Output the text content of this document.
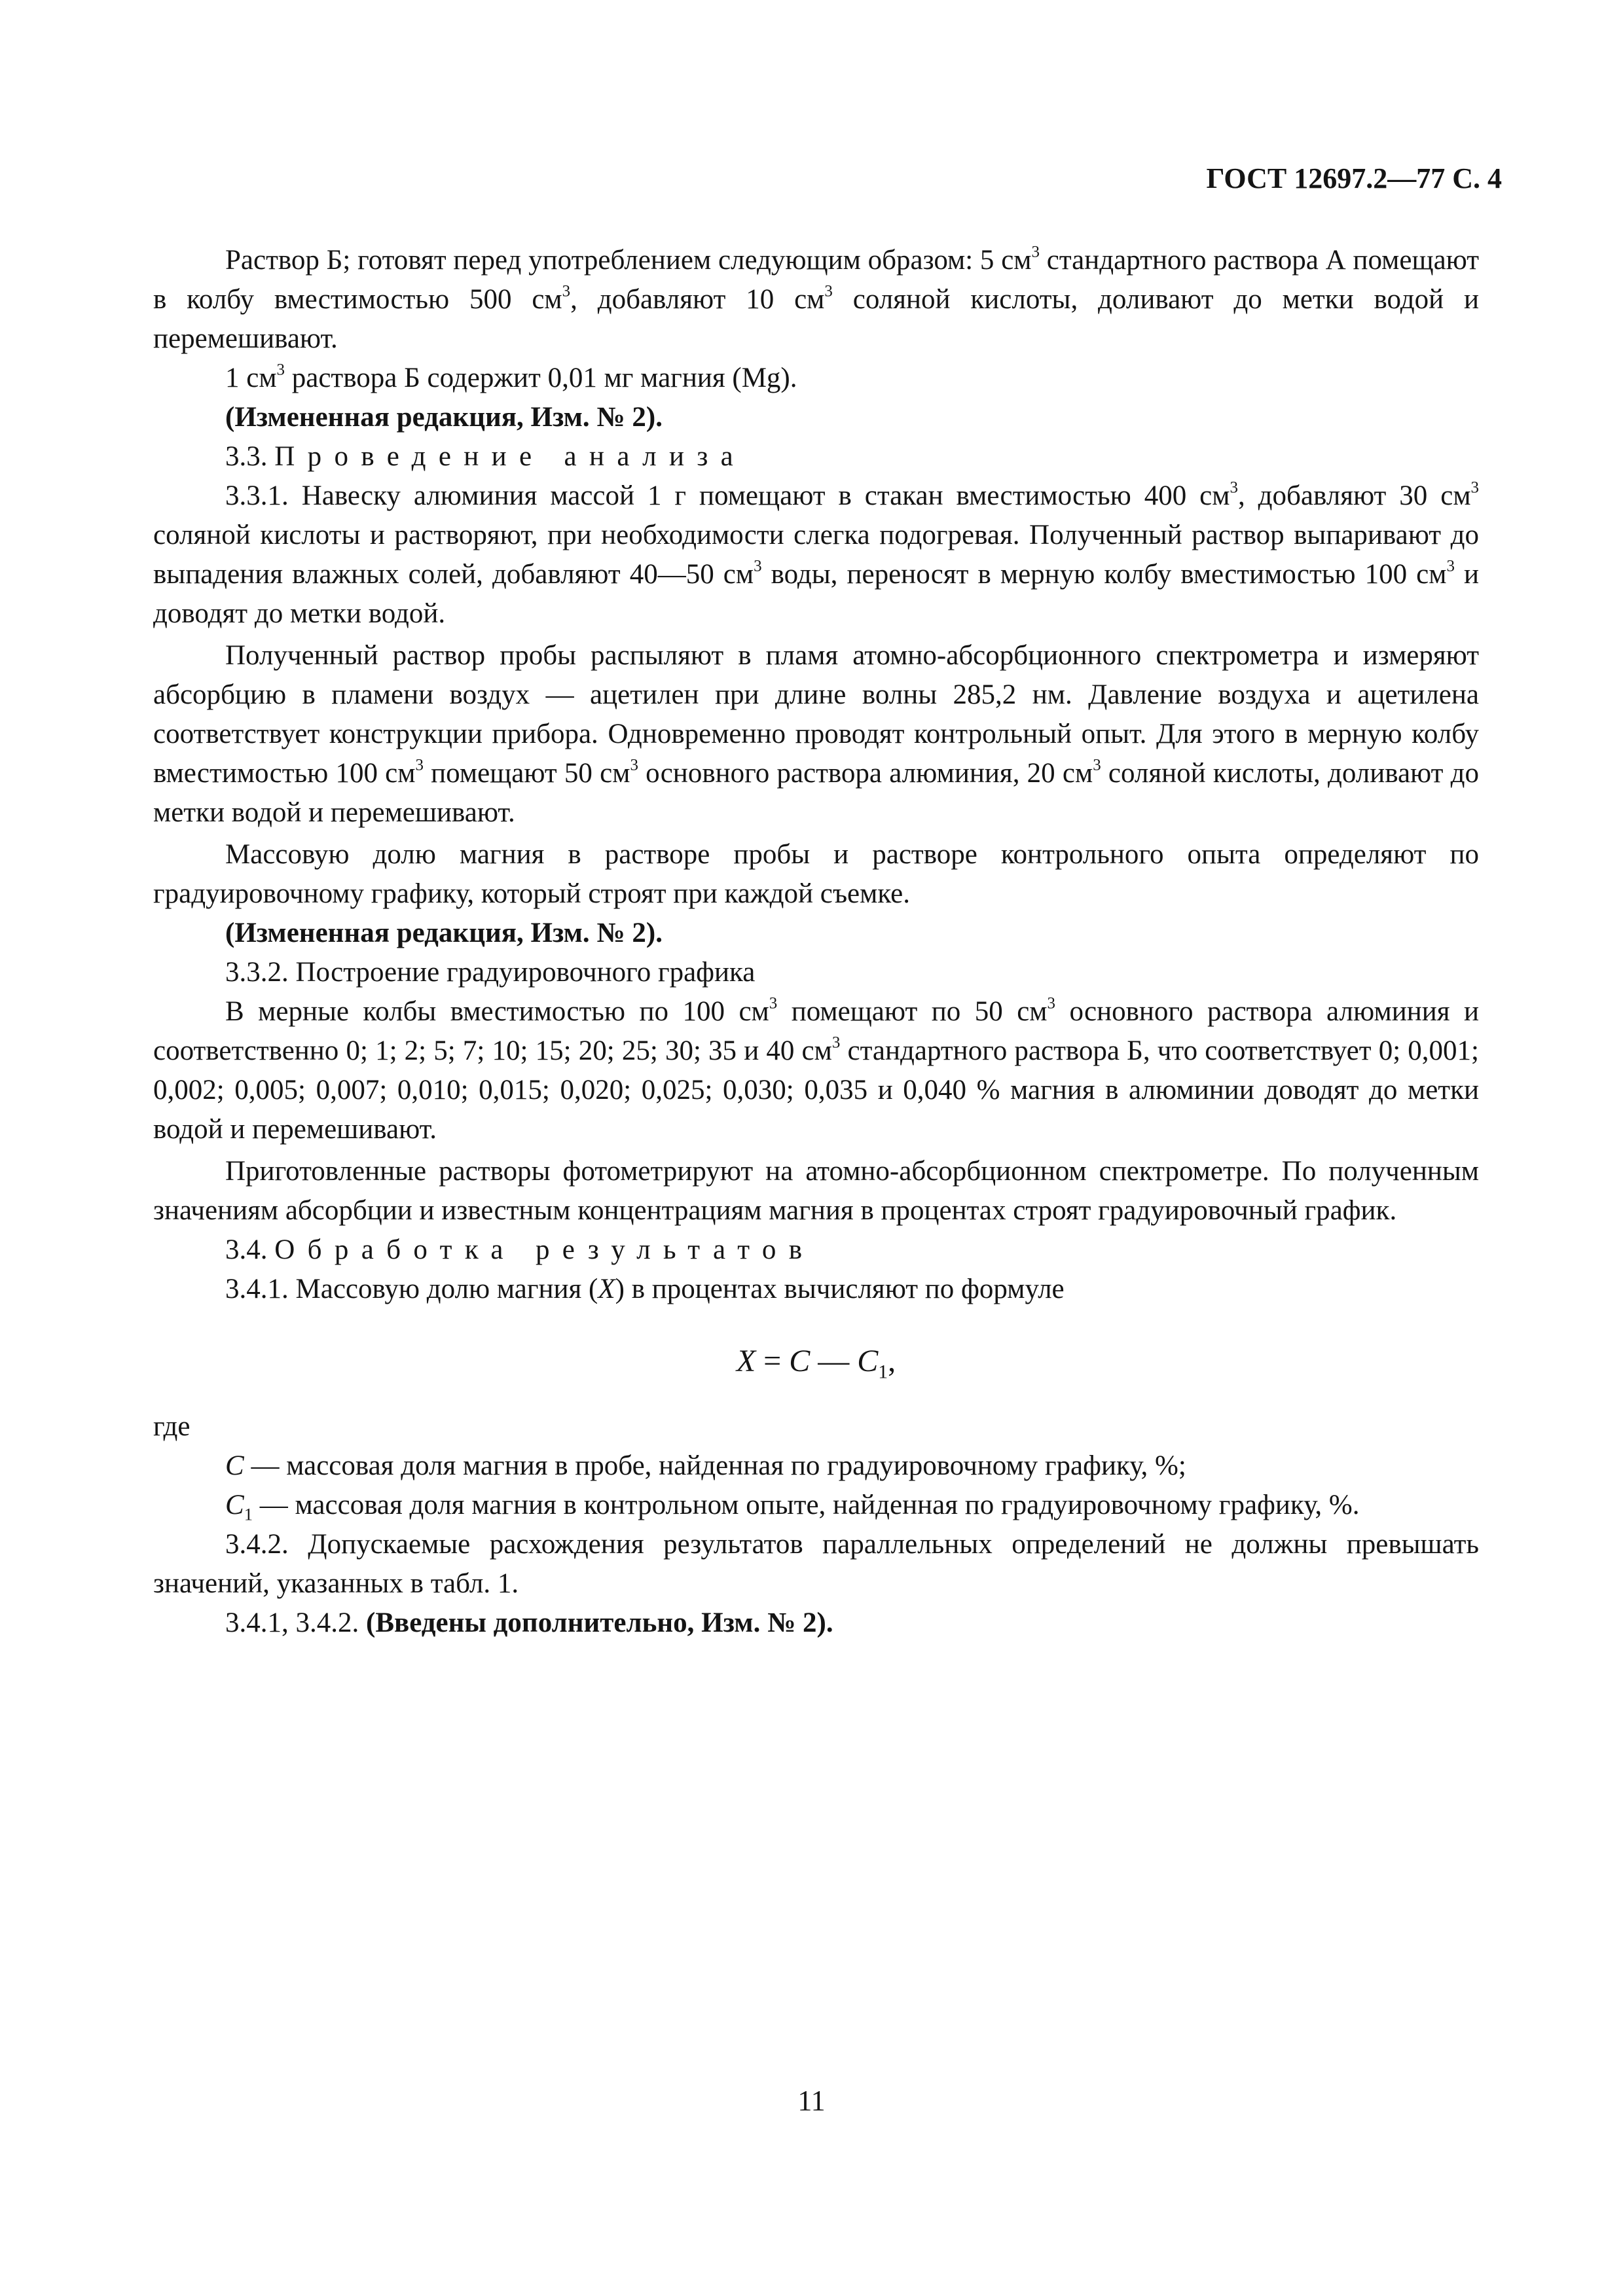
ГОСТ 12697.2—77 С. 4

Раствор Б; готовят перед употреблением следующим образом: 5 $см^3$ стандартного раствора А помещают в колбу вместимостью 500 $см^3$, добавляют 10 $см^3$ соляной кислоты, доливают до метки водой и перемешивают.

1 $см^3$ раствора Б содержит 0,01 мг магния (Mg).

(Измененная редакция, Изм. № 2).

3.3. Проведение анализа

3.3.1. Навеску алюминия массой 1 г помещают в стакан вместимостью 400 $см^3$, добавляют 30 $см^3$ соляной кислоты и растворяют, при необходимости слегка подогревая. Полученный раствор выпаривают до выпадения влажных солей, добавляют 40—50 $см^3$ воды, переносят в мерную колбу вместимостью 100 $см^3$ и доводят до метки водой.

Полученный раствор пробы распыляют в пламя атомно-абсорбционного спектрометра и измеряют абсорбцию в пламени воздух — ацетилен при длине волны 285,2 нм. Давление воздуха и ацетилена соответствует конструкции прибора. Одновременно проводят контрольный опыт. Для этого в мерную колбу вместимостью 100 $см^3$ помещают 50 $см^3$ основного раствора алюминия, 20 $см^3$ соляной кислоты, доливают до метки водой и перемешивают.

Массовую долю магния в растворе пробы и растворе контрольного опыта определяют по градуировочному графику, который строят при каждой съемке.

(Измененная редакция, Изм. № 2).

3.3.2. Построение градуировочного графика

В мерные колбы вместимостью по 100 $см^3$ помещают по 50 $см^3$ основного раствора алюминия и соответственно 0; 1; 2; 5; 7; 10; 15; 20; 25; 30; 35 и 40 $см^3$ стандартного раствора Б, что соответствует 0; 0,001; 0,002; 0,005; 0,007; 0,010; 0,015; 0,020; 0,025; 0,030; 0,035 и 0,040 % магния в алюминии доводят до метки водой и перемешивают.

Приготовленные растворы фотометрируют на атомно-абсорбционном спектрометре. По полученным значениям абсорбции и известным концентрациям магния в процентах строят градуировочный график.

3.4. Обработка результатов

3.4.1. Массовую долю магния (X) в процентах вычисляют по формуле

X = C — $C_1$,

где

C — массовая доля магния в пробе, найденная по градуировочному графику, %;

$C_1$ — массовая доля магния в контрольном опыте, найденная по градуировочному графику, %.

3.4.2. Допускаемые расхождения результатов параллельных определений не должны превышать значений, указанных в табл. 1.

3.4.1, 3.4.2. (Введены дополнительно, Изм. № 2).

11
